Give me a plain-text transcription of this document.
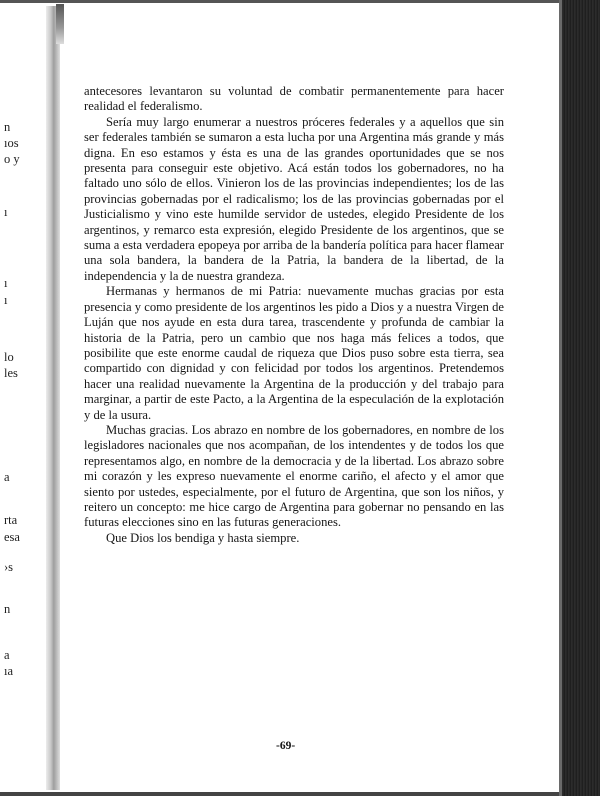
n
ıos
o y
ı
ı
ı
lo
les
a
rta
esa
›s
n
a
ıa

antecesores levantaron su voluntad de combatir permanentemente para hacer realidad el federalismo.

Sería muy largo enumerar a nuestros próceres federales y a aquellos que sin ser federales también se sumaron a esta lucha por una Argentina más grande y más digna. En eso estamos y ésta es una de las grandes oportunidades que se nos presenta para conseguir este objetivo. Acá están todos los gobernadores, no ha faltado uno sólo de ellos. Vinieron los de las provincias independientes; los de las provincias gobernadas por el radicalismo; los de las provincias gobernadas por el Justicialismo y vino este humilde servidor de ustedes, elegido Presidente de los argentinos, y remarco esta expresión, elegido Presidente de los argentinos, que se suma a esta verdadera epopeya por arriba de la bandería política para hacer flamear una sola bandera, la bandera de la Patria, la bandera de la libertad, de la independencia y la de nuestra grandeza.

Hermanas y hermanos de mi Patria: nuevamente muchas gracias por esta presencia y como presidente de los argentinos les pido a Dios y a nuestra Virgen de Luján que nos ayude en esta dura tarea, trascendente y profunda de cambiar la historia de la Patria, pero un cambio que nos haga más felices a todos, que posibilite que este enorme caudal de riqueza que Dios puso sobre esta tierra, sea compartido con dignidad y con felicidad por todos los argentinos. Pretendemos hacer una realidad nuevamente la Argentina de la producción y del trabajo para marginar, a partir de este Pacto, a la Argentina de la especulación de la explotación y de la usura.

Muchas gracias. Los abrazo en nombre de los gobernadores, en nombre de los legisladores nacionales que nos acompañan, de los intendentes y de todos los que representamos algo, en nombre de la democracia y de la libertad. Los abrazo sobre mi corazón y les expreso nuevamente el enorme cariño, el afecto y el amor que siento por ustedes, especialmente, por el futuro de Argentina, que son los niños, y reitero un concepto: me hice cargo de Argentina para gobernar no pensando en las futuras elecciones sino en las futuras generaciones.

Que Dios los bendiga y hasta siempre.

-69-
